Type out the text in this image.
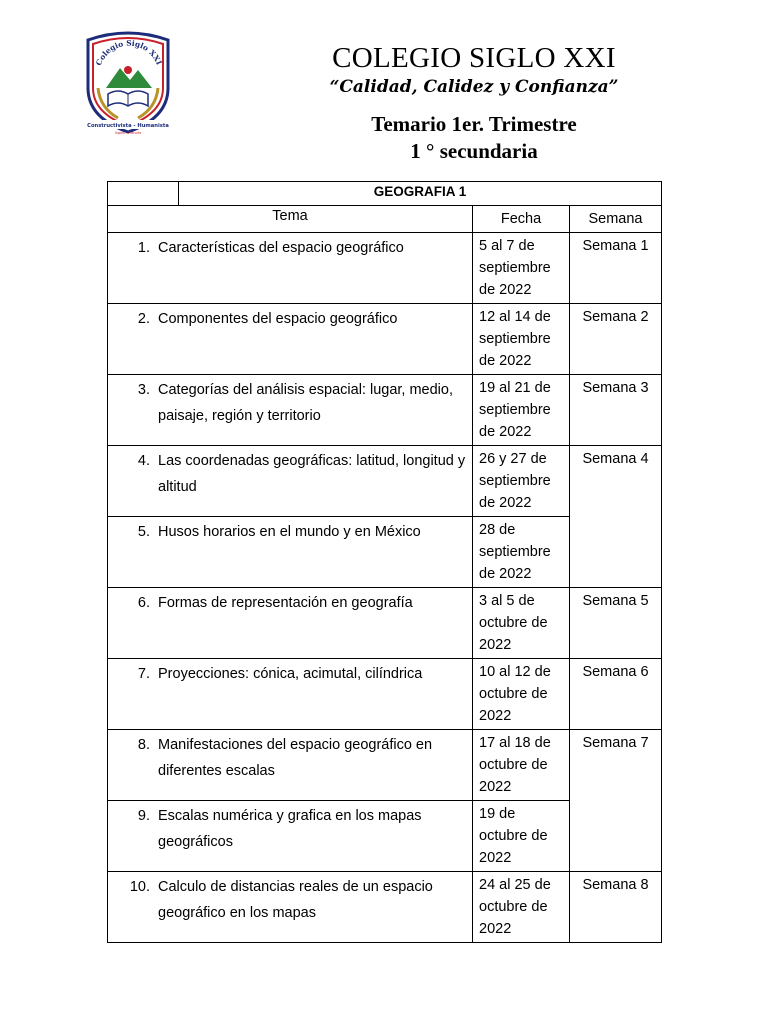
Colegio Siglo XXI
Constructivista - Humanista
Inglés - Francés
COLEGIO SIGLO XXI
“Calidad, Calidez y Confianza”
Temario 1er. Trimestre
1 ° secundaria
	GEOGRAFIA 1		
Tema		Fecha	Semana

1. Características del espacio geográfico		5 al 7 de septiembre de 2022	Semana 1

2. Componentes del espacio geográfico		12 al 14 de septiembre de 2022	Semana 2

3. Categorías del análisis espacial: lugar, medio, paisaje, región y territorio		19 al 21 de septiembre de 2022	Semana 3

4. Las coordenadas geográficas: latitud, longitud y altitud		26 y 27 de septiembre de 2022	Semana 4

5. Husos horarios en el mundo y en México		28 de septiembre de 2022	

6. Formas de representación en geografía		3 al 5 de octubre de 2022	Semana 5

7. Proyecciones: cónica, acimutal, cilíndrica		10 al 12 de octubre de 2022	Semana 6

8. Manifestaciones del espacio geográfico en diferentes escalas		17 al 18 de octubre de 2022	Semana 7

9. Escalas numérica y grafica en los mapas geográficos		19 de octubre de 2022	

10. Calculo de distancias reales de un espacio geográfico en los mapas		24 al 25 de octubre de 2022	Semana 8
